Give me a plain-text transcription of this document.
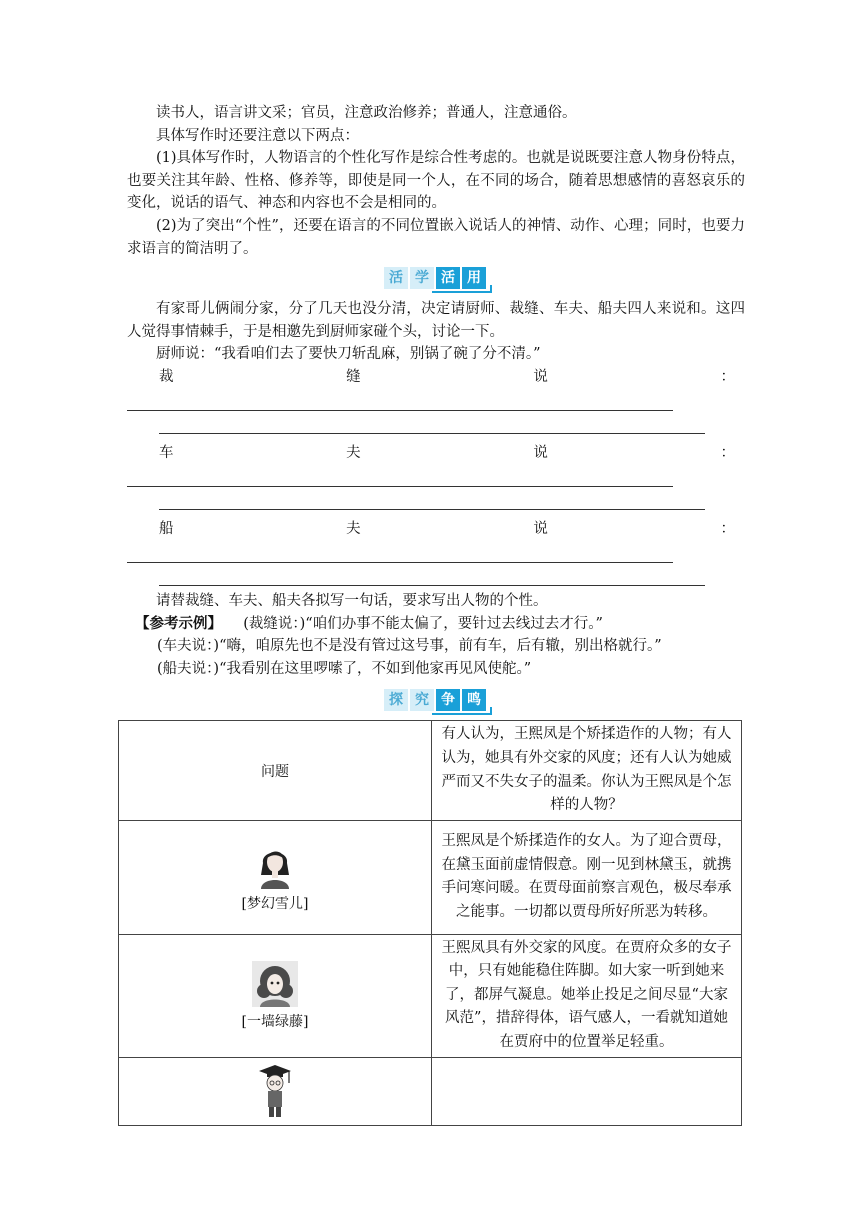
读书人，语言讲文采；官员，注意政治修养；普通人，注意通俗。

具体写作时还要注意以下两点：

(1)具体写作时，人物语言的个性化写作是综合性考虑的。也就是说既要注意人物身份特点，也要关注其年龄、性格、修养等，即使是同一个人，在不同的场合，随着思想感情的喜怒哀乐的变化，说话的语气、神态和内容也不会是相同的。

(2)为了突出“个性”，还要在语言的不同位置嵌入说话人的神情、动作、心理；同时，也要力求语言的简洁明了。

活 学 活 用

有家哥儿俩闹分家，分了几天也没分清，决定请厨师、裁缝、车夫、船夫四人来说和。这四人觉得事情棘手，于是相邀先到厨师家碰个头，讨论一下。

厨师说：“我看咱们去了要快刀斩乱麻，别锅了碗了分不清。”

裁	缝	说	：
车	夫	说	：
船	夫	说	：

请替裁缝、车夫、船夫各拟写一句话，要求写出人物的个性。

【参考示例】 (裁缝说：)“咱们办事不能太偏了，要针过去线过去才行。”

(车夫说：)“嗨，咱原先也不是没有管过这号事，前有车，后有辙，别出格就行。”

(船夫说：)“我看别在这里啰嗦了，不如到他家再见风使舵。”

探 究 争 鸣
问题	有人认为，王熙凤是个矫揉造作的人物；有人认为，她具有外交家的风度；还有人认为她威严而又不失女子的温柔。你认为王熙凤是个怎样的人物？

[梦幻雪儿]	王熙凤是个矫揉造作的女人。为了迎合贾母，在黛玉面前虚情假意。刚一见到林黛玉，就携手问寒问暖。在贾母面前察言观色，极尽奉承之能事。一切都以贾母所好所恶为转移。

[一墙绿藤]	王熙凤具有外交家的风度。在贾府众多的女子中，只有她能稳住阵脚。如大家一听到她来了，都屏气凝息。她举止投足之间尽显“大家风范”，措辞得体，语气感人，一看就知道她在贾府中的位置举足轻重。
